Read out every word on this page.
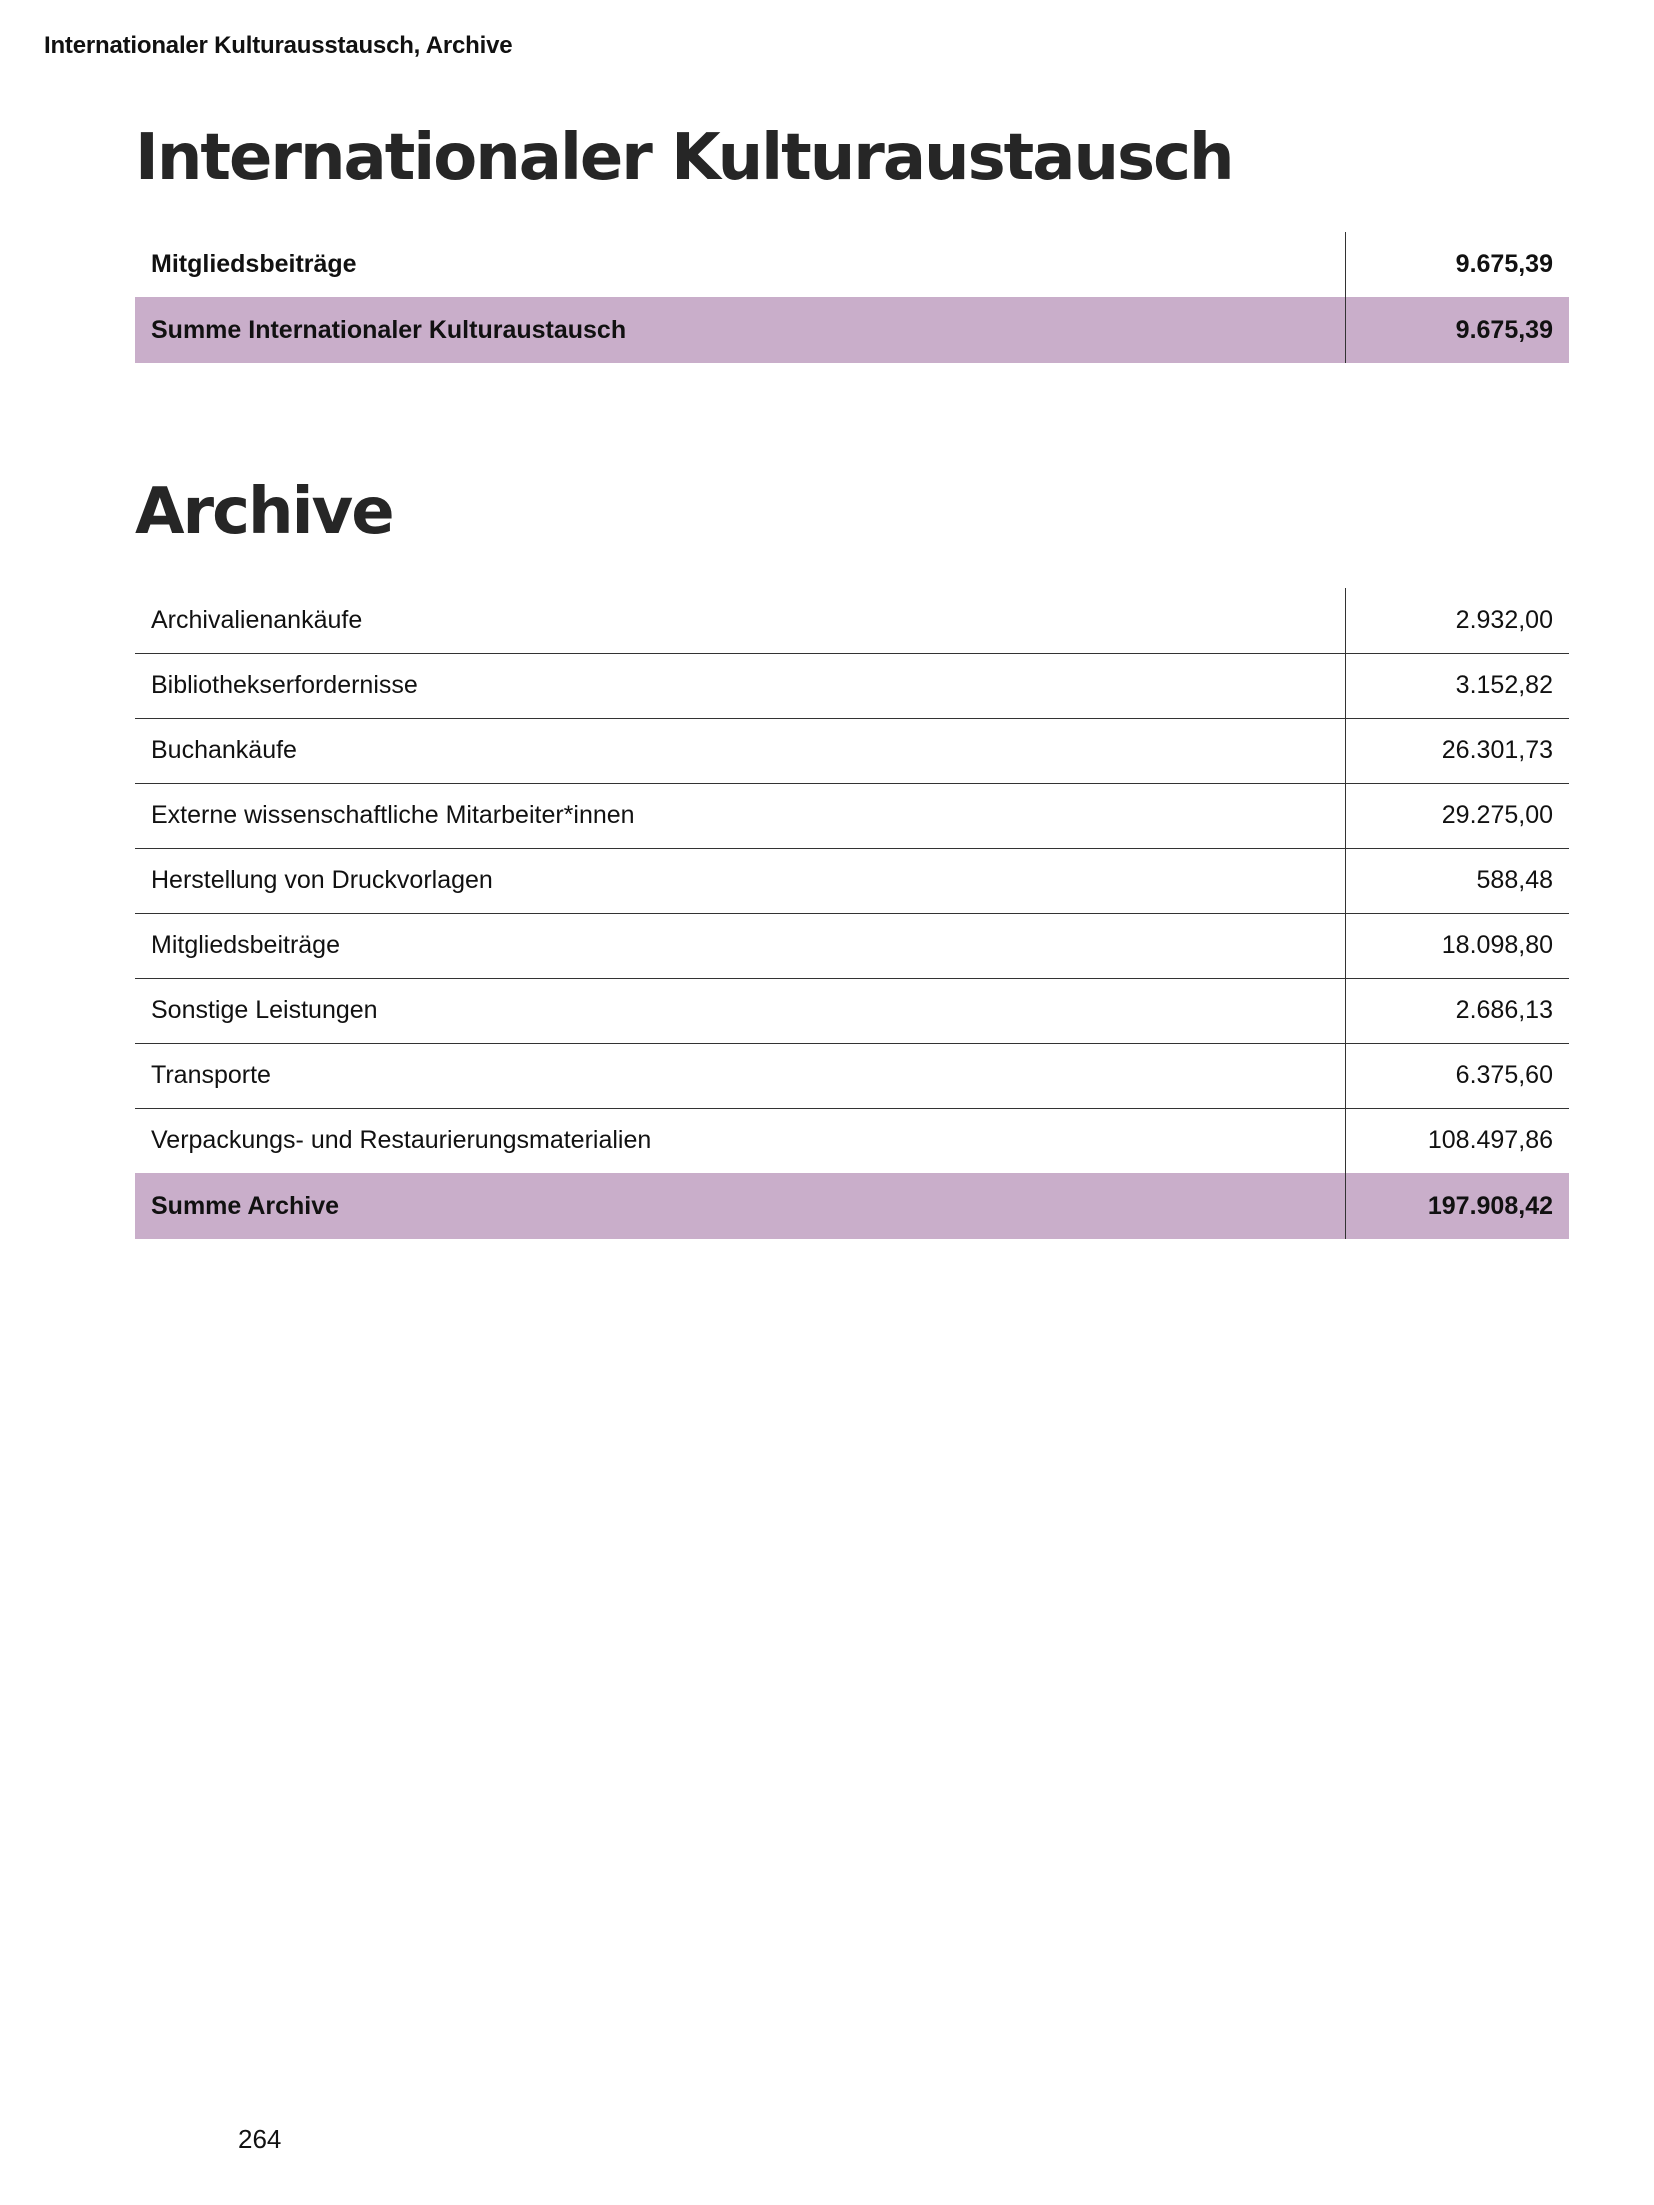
Internationaler Kulturausstausch, Archive
Internationaler Kulturaustausch
Mitgliedsbeiträge	9.675,39
Summe Internationaler Kulturaustausch	9.675,39
Archive
Archivalienankäufe	2.932,00
Bibliothekserfordernisse	3.152,82
Buchankäufe	26.301,73
Externe wissenschaftliche Mitarbeiter*innen	29.275,00
Herstellung von Druckvorlagen	588,48
Mitgliedsbeiträge	18.098,80
Sonstige Leistungen	2.686,13
Transporte	6.375,60
Verpackungs- und Restaurierungsmaterialien	108.497,86
Summe Archive	197.908,42
264
